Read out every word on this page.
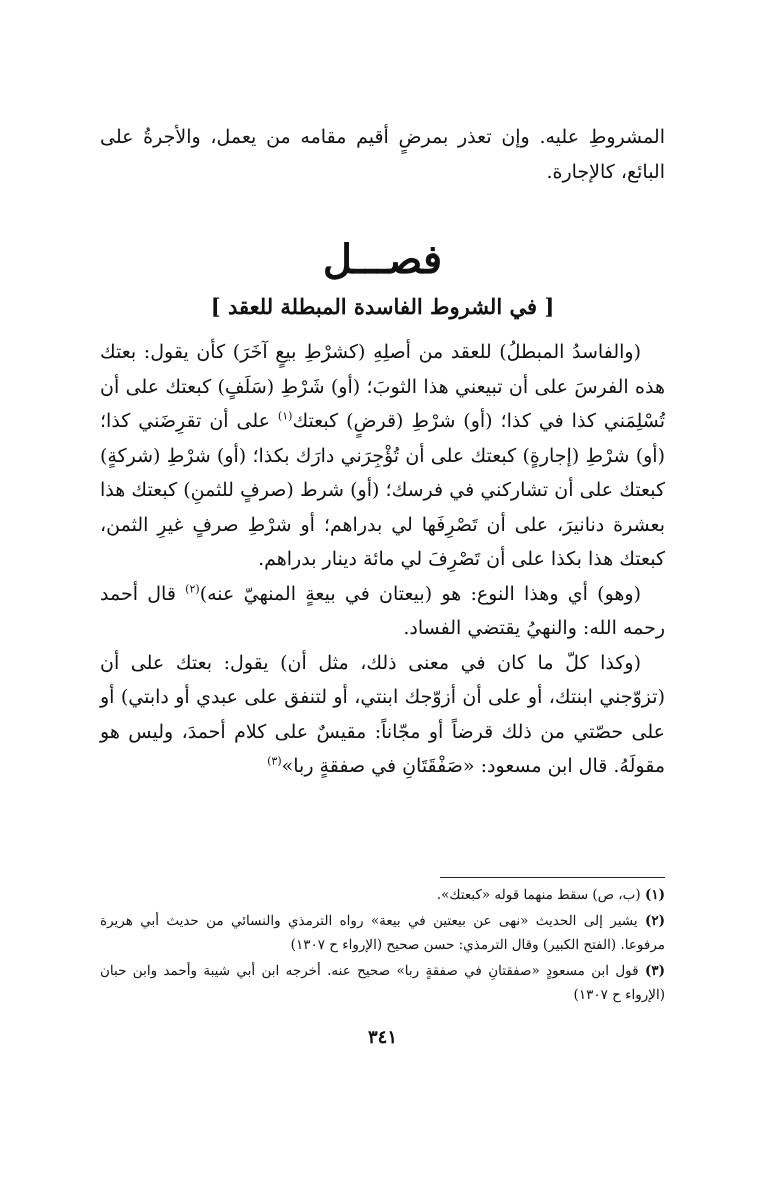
المشروطِ عليه. وإن تعذر بمرضٍ أقيم مقامه من يعمل، والأجرةُ على البائع، كالإجارة.

فصـــل
[ في الشروط الفاسدة المبطلة للعقد ]

(والفاسدُ المبطلُ) للعقد من أصلِهِ (كشرْطِ بيعٍ آخَرَ) كأن يقول: بعتك هذه الفرسَ على أن تبيعني هذا الثوبَ؛ (أو) شَرْطِ (سَلَفٍ) كبعتك على أن تُسْلِمَني كذا في كذا؛ (أو) شرْطِ (قرضٍ) كبعتك$^{(١)}$ على أن تقرِضَني كذا؛ (أو) شرْطِ (إجارةٍ) كبعتك على أن تُؤْجِرَني دارَك بكذا؛ (أو) شرْطِ (شركةٍ) كبعتك على أن تشاركني في فرسك؛ (أو) شرط (صرفٍ للثمنِ) كبعتك هذا بعشرة دنانيرَ، على أن تَصْرِفَها لي بدراهم؛ أو شرْطِ صرفٍ غيرِ الثمن، كبعتك هذا بكذا على أن تَصْرِفَ لي مائة دينار بدراهم.

(وهو) أي وهذا النوع: هو (بيعتان في بيعةٍ المنهيّ عنه)$^{(٢)}$ قال أحمد رحمه الله: والنهيُ يقتضي الفساد.

(وكذا كلّ ما كان في معنى ذلك، مثل أن) يقول: بعتك على أن (تزوّجني ابنتك، أو على أن أزوّجك ابنتي، أو لتنفق على عبدي أو دابتي) أو على حصّتي من ذلك قرضاً أو مجّاناً: مقيسٌ على كلام أحمدَ، وليس هو مقولَهُ. قال ابن مسعود: «صَفْقَتَانِ في صفقةٍ ربا»$^{(٣)}$

(١) (ب، ص) سقط منهما قوله «كبعتك».

(٢) يشير إلى الحديث «نهى عن بيعتين في بيعة» رواه الترمذي والنسائي من حديث أبي هريرة مرفوعا. (الفتح الكبير) وقال الترمذي: حسن صحيح (الإرواء ح ١٣٠٧)

(٣) قول ابن مسعودٍ «صفقتانِ في صفقةٍ ربا» صحيح عنه. أخرجه ابن أبي شيبة وأحمد وابن حبان (الإرواء ح ١٣٠٧)

٣٤١
